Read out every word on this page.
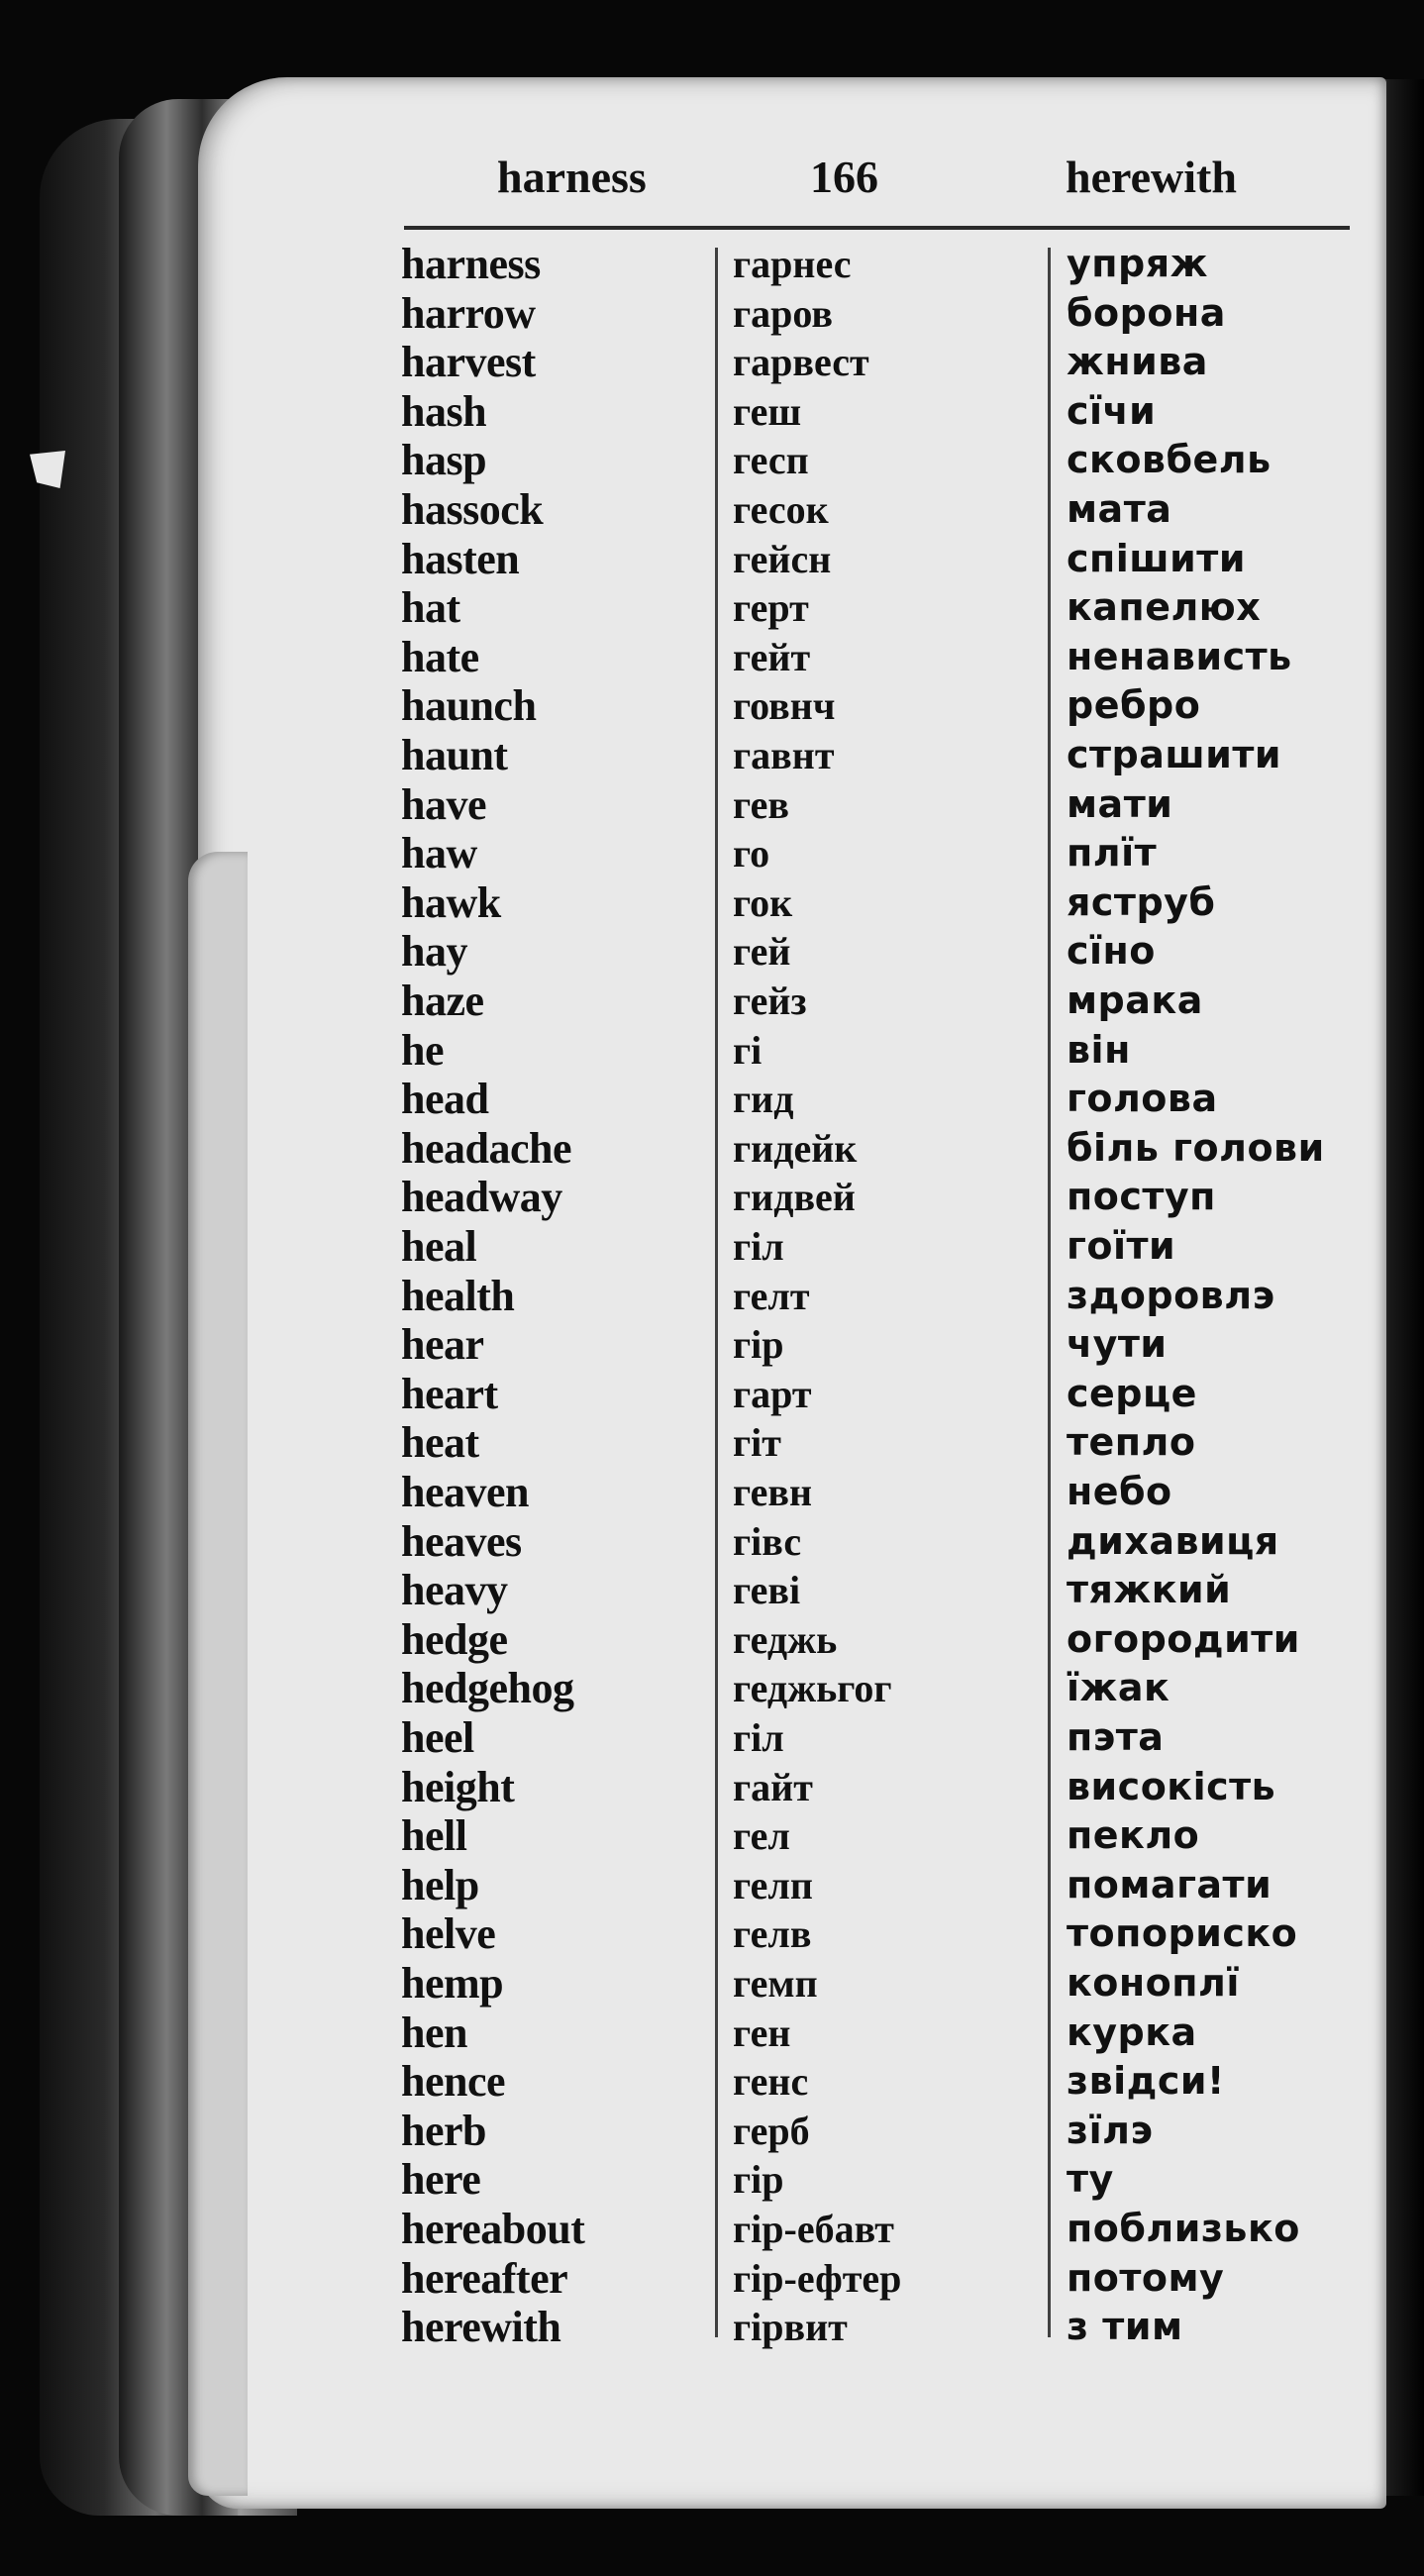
harness	166	herewith
harness	гарнес	упряж
harrow	гаров	борона
harvest	гарвест	жнива
hash	геш	сїчи
hasp	гесп	сковбель
hassock	гесок	мата
hasten	гейсн	спішити
hat	герт	капелюх
hate	гейт	ненавиcть
haunch	говнч	ребро
haunt	гавнт	страшити
have	гев	мати
haw	го	плїт
hawk	гок	яструб
hay	гей	сїно
haze	гейз	мрака
he	гі	він
head	гид	голова
headache	гидейк	біль голови
headway	гидвей	поступ
heal	гіл	гоїти
health	гелт	здоровлэ
hear	гір	чути
heart	гарт	серце
heat	гіт	тепло
heaven	гевн	небо
heaves	гівс	дихавиця
heavy	гевi	тяжкий
hedge	геджь	огородити
hedgehog	геджьгог	їжак
heel	гіл	пэта
height	гайт	високість
hell	гел	пекло
help	гелп	помагати
helve	гелв	топориско
hemp	гемп	коноплї
hen	ген	курка
hence	генс	звідси!
herb	герб	зїлэ
here	гір	ту
hereabout	гір-ебавт	поблизько
hereafter	гір-ефтер	потому
herewith	гірвит	з тим
